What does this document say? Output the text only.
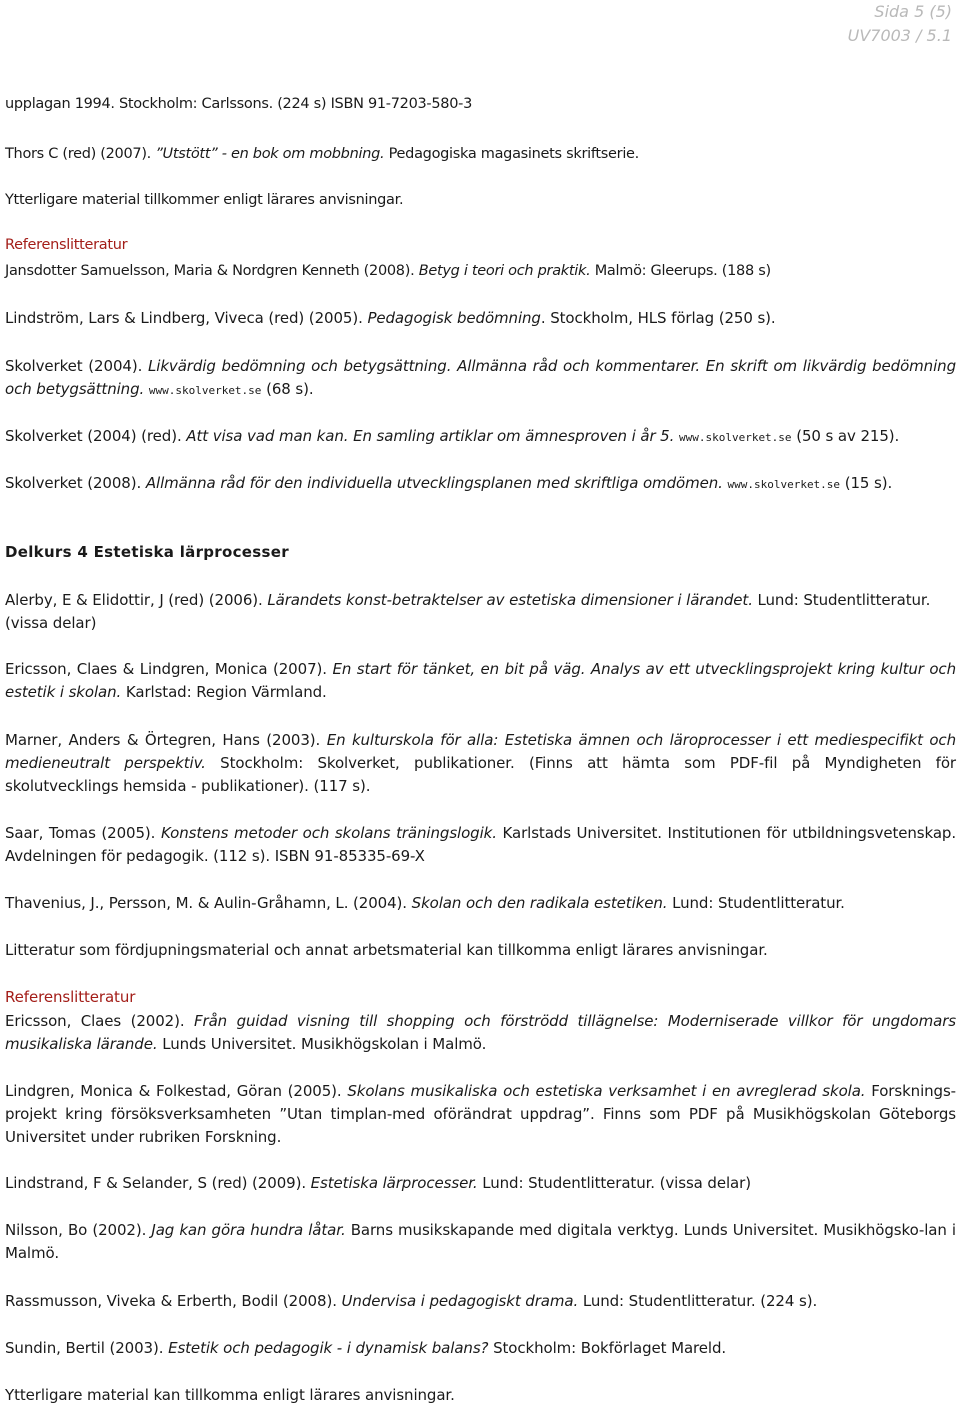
Sida 5 (5)
UV7003 / 5.1

upplagan 1994. Stockholm: Carlssons. (224 s) ISBN 91-7203-580-3

Thors C (red) (2007). ”Utstött” - en bok om mobbning. Pedagogiska magasinets skriftserie.

Ytterligare material tillkommer enligt lärares anvisningar.

Referenslitteratur

Jansdotter Samuelsson, Maria & Nordgren Kenneth (2008). Betyg i teori och praktik. Malmö: Gleerups. (188 s)

Lindström, Lars & Lindberg, Viveca (red) (2005). Pedagogisk bedömning. Stockholm, HLS förlag (250 s).

Skolverket (2004). Likvärdig bedömning och betygsättning. Allmänna råd och kommentarer. En skrift om likvärdig bedömning och betygsättning. www.skolverket.se (68 s).

Skolverket (2004) (red). Att visa vad man kan. En samling artiklar om ämnesproven i år 5. www.skolverket.se (50 s av 215).

Skolverket (2008). Allmänna råd för den individuella utvecklingsplanen med skriftliga omdömen. www.skolverket.se (15 s).

Delkurs 4 Estetiska lärprocesser

Alerby, E & Elidottir, J (red) (2006). Lärandets konst-betraktelser av estetiska dimensioner i lärandet. Lund: Studentlitteratur. (vissa delar)

Ericsson, Claes & Lindgren, Monica (2007). En start för tänket, en bit på väg. Analys av ett utvecklingsprojekt kring kultur och estetik i skolan. Karlstad: Region Värmland.

Marner, Anders & Örtegren, Hans (2003). En kulturskola för alla: Estetiska ämnen och läroprocesser i ett mediespecifikt och medieneutralt perspektiv. Stockholm: Skolverket, publikationer. (Finns att hämta som PDF-fil på Myndigheten för skolutvecklings hemsida - publikationer). (117 s).

Saar, Tomas (2005). Konstens metoder och skolans träningslogik. Karlstads Universitet. Institutionen för utbildningsvetenskap. Avdelningen för pedagogik. (112 s). ISBN 91-85335-69-X

Thavenius, J., Persson, M. & Aulin-Gråhamn, L. (2004). Skolan och den radikala estetiken. Lund: Studentlitteratur.

Litteratur som fördjupningsmaterial och annat arbetsmaterial kan tillkomma enligt lärares anvisningar.

Referenslitteratur

Ericsson, Claes (2002). Från guidad visning till shopping och förströdd tillägnelse: Moderniserade villkor för ungdomars musikaliska lärande. Lunds Universitet. Musikhögskolan i Malmö.

Lindgren, Monica & Folkestad, Göran (2005). Skolans musikaliska och estetiska verksamhet i en avreglerad skola. Forsknings-projekt kring försöksverksamheten ”Utan timplan-med oförändrat uppdrag”. Finns som PDF på Musikhögskolan Göteborgs Universitet under rubriken Forskning.

Lindstrand, F & Selander, S (red) (2009). Estetiska lärprocesser. Lund: Studentlitteratur. (vissa delar)

Nilsson, Bo (2002). Jag kan göra hundra låtar. Barns musikskapande med digitala verktyg. Lunds Universitet. Musikhögsko-lan i Malmö.

Rassmusson, Viveka & Erberth, Bodil (2008). Undervisa i pedagogiskt drama. Lund: Studentlitteratur. (224 s).

Sundin, Bertil (2003). Estetik och pedagogik - i dynamisk balans? Stockholm: Bokförlaget Mareld.

Ytterligare material kan tillkomma enligt lärares anvisningar.
